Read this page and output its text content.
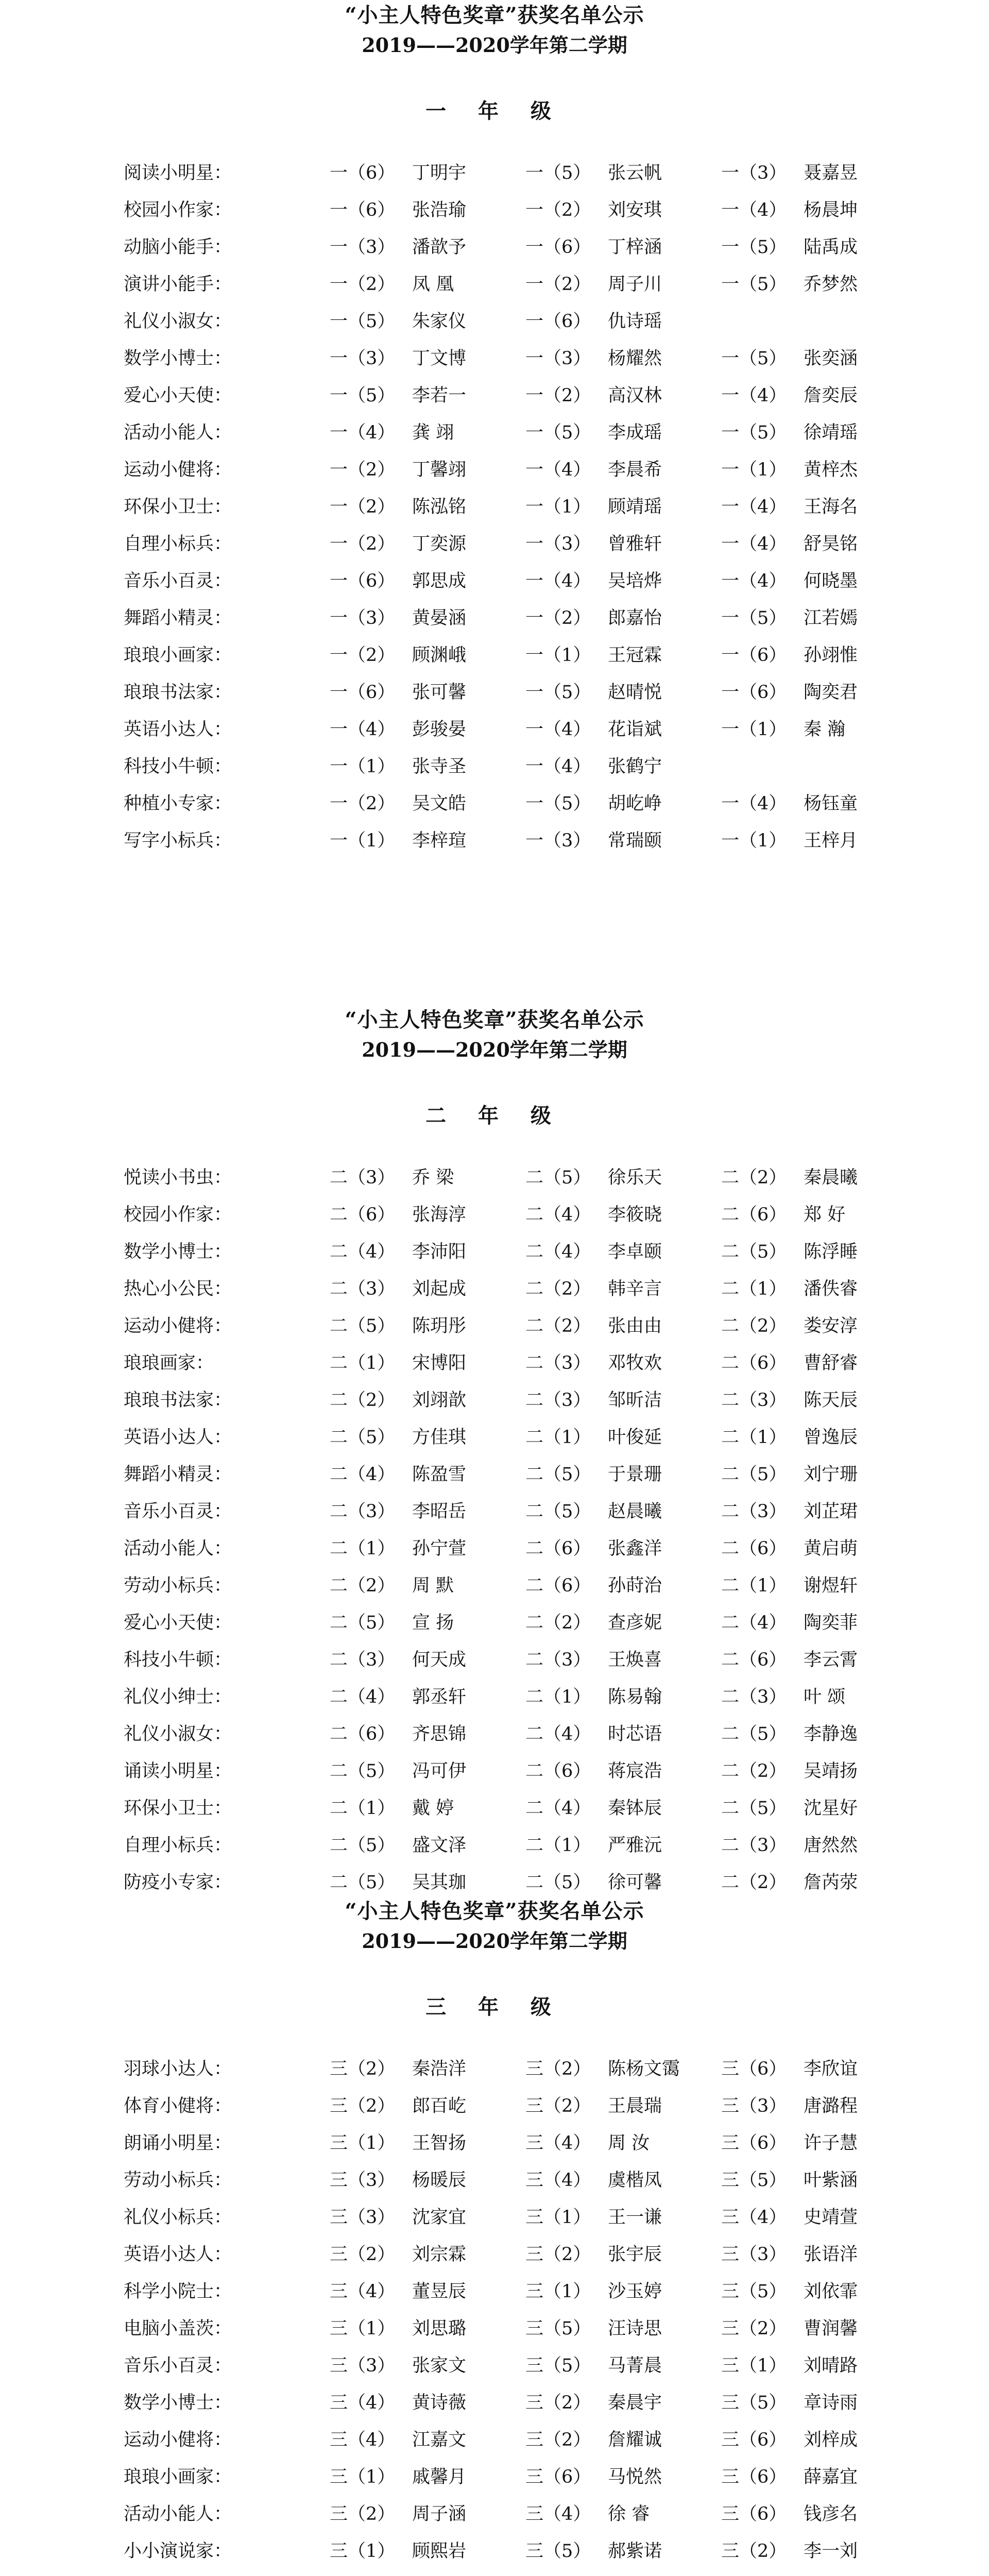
“小主人特色奖章”获奖名单公示
2019——2020学年第二学期
一 年 级
阅读小明星：	一（6） 丁明宇	一（5） 张云帆	一（3） 聂嘉昱
校园小作家：	一（6） 张浩瑜	一（2） 刘安琪	一（4） 杨晨坤
动脑小能手：	一（3） 潘歆予	一（6） 丁梓涵	一（5） 陆禹成
演讲小能手：	一（2） 凤 凰	一（2） 周子川	一（5） 乔梦然
礼仪小淑女：	一（5） 朱家仪	一（6） 仇诗瑶
数学小博士：	一（3） 丁文博	一（3） 杨耀然	一（5） 张奕涵
爱心小天使：	一（5） 李若一	一（2） 高汉林	一（4） 詹奕辰
活动小能人：	一（4） 龚 翊	一（5） 李成瑶	一（5） 徐靖瑶
运动小健将：	一（2） 丁馨翊	一（4） 李晨希	一（1） 黄梓杰
环保小卫士：	一（2） 陈泓铭	一（1） 顾靖瑶	一（4） 王海名
自理小标兵：	一（2） 丁奕源	一（3） 曾雅轩	一（4） 舒昊铭
音乐小百灵：	一（6） 郭思成	一（4） 吴培烨	一（4） 何晓墨
舞蹈小精灵：	一（3） 黄晏涵	一（2） 郎嘉怡	一（5） 江若嫣
琅琅小画家：	一（2） 顾渊峨	一（1） 王冠霖	一（6） 孙翊惟
琅琅书法家：	一（6） 张可馨	一（5） 赵晴悦	一（6） 陶奕君
英语小达人：	一（4） 彭骏晏	一（4） 花诣斌	一（1） 秦 瀚
科技小牛顿：	一（1） 张寺圣	一（4） 张鹤宁
种植小专家：	一（2） 吴文皓	一（5） 胡屹峥	一（4） 杨钰童
写字小标兵：	一（1） 李梓瑄	一（3） 常瑞颐	一（1） 王梓月
“小主人特色奖章”获奖名单公示
2019——2020学年第二学期
二 年 级
悦读小书虫：	二（3） 乔 梁	二（5） 徐乐天	二（2） 秦晨曦
校园小作家：	二（6） 张海淳	二（4） 李筱晓	二（6） 郑 好
数学小博士：	二（4） 李沛阳	二（4） 李卓颐	二（5） 陈浮睡
热心小公民：	二（3） 刘起成	二（2） 韩辛言	二（1） 潘佚睿
运动小健将：	二（5） 陈玥彤	二（2） 张由由	二（2） 娄安淳
琅琅画家：	二（1） 宋博阳	二（3） 邓牧欢	二（6） 曹舒睿
琅琅书法家：	二（2） 刘翊歆	二（3） 邹昕洁	二（3） 陈天辰
英语小达人：	二（5） 方佳琪	二（1） 叶俊延	二（1） 曾逸辰
舞蹈小精灵：	二（4） 陈盈雪	二（5） 于景珊	二（5） 刘宁珊
音乐小百灵：	二（3） 李昭岳	二（5） 赵晨曦	二（3） 刘芷珺
活动小能人：	二（1） 孙宁萱	二（6） 张鑫洋	二（6） 黄启萌
劳动小标兵：	二（2） 周 默	二（6） 孙莳治	二（1） 谢煜轩
爱心小天使：	二（5） 宣 扬	二（2） 查彦妮	二（4） 陶奕菲
科技小牛顿：	二（3） 何天成	二（3） 王焕喜	二（6） 李云霄
礼仪小绅士：	二（4） 郭丞轩	二（1） 陈易翰	二（3） 叶 颂
礼仪小淑女：	二（6） 齐思锦	二（4） 时芯语	二（5） 李静逸
诵读小明星：	二（5） 冯可伊	二（6） 蒋宸浩	二（2） 吴靖扬
环保小卫士：	二（1） 戴 婷	二（4） 秦钵辰	二（5） 沈星好
自理小标兵：	二（5） 盛文泽	二（1） 严雅沅	二（3） 唐然然
防疫小专家：	二（5） 吴其珈	二（5） 徐可馨	二（2） 詹芮荥
“小主人特色奖章”获奖名单公示
2019——2020学年第二学期
三 年 级
羽球小达人：	三（2） 秦浩洋	三（2） 陈杨文霭 三（6） 李欣谊
体育小健将：	三（2） 郎百屹	三（2） 王晨瑞	三（3） 唐潞程
朗诵小明星：	三（1） 王智扬	三（4） 周 汝	三（6） 许子慧
劳动小标兵：	三（3） 杨暖辰	三（4） 虞楷凤	三（5） 叶紫涵
礼仪小标兵：	三（3） 沈家宜	三（1） 王一谦	三（4） 史靖萱
英语小达人：	三（2） 刘宗霖	三（2） 张宇辰	三（3） 张语洋
科学小院士：	三（4） 董昱辰	三（1） 沙玉婷	三（5） 刘依霏
电脑小盖茨：	三（1） 刘思璐	三（5） 汪诗思	三（2） 曹润馨
音乐小百灵：	三（3） 张家文	三（5） 马菁晨	三（1） 刘晴路
数学小博士：	三（4） 黄诗薇	三（2） 秦晨宇	三（5） 章诗雨
运动小健将：	三（4） 江嘉文	三（2） 詹耀诚	三（6） 刘梓成
琅琅小画家：	三（1） 戚馨月	三（6） 马悦然	三（6） 薛嘉宜
活动小能人：	三（2） 周子涵	三（4） 徐 睿	三（6） 钱彦名
小小演说家：	三（1） 顾熙岩	三（5） 郝紫诺	三（2） 李一刘
